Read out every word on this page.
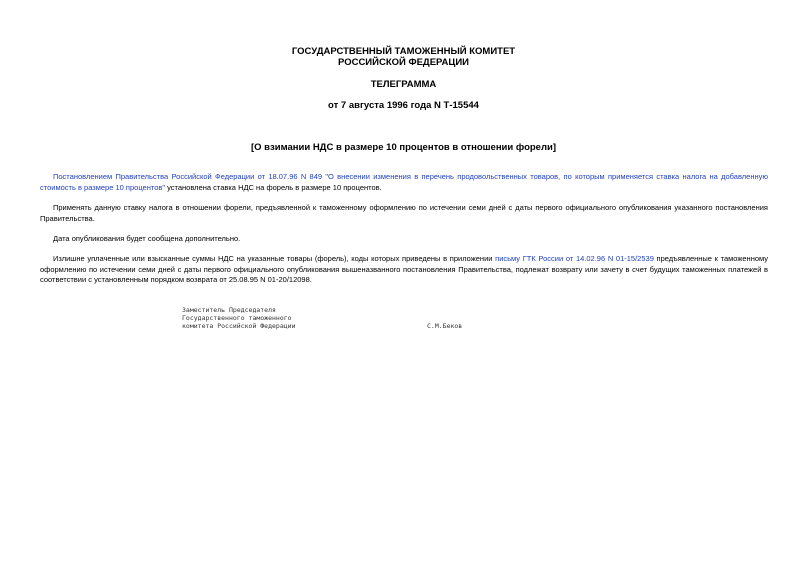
ГОСУДАРСТВЕННЫЙ ТАМОЖЕННЫЙ КОМИТЕТ
РОССИЙСКОЙ ФЕДЕРАЦИИ
ТЕЛЕГРАММА
от 7 августа 1996 года N Т-15544
[О взимании НДС в размере 10 процентов в отношении форели]
Постановлением Правительства Российской Федерации от 18.07.96 N 849 "О внесении изменения в перечень продовольственных товаров, по которым применяется ставка налога на добавленную стоимость в размере 10 процентов" установлена ставка НДС на форель в размере 10 процентов.
Применять данную ставку налога в отношении форели, предъявленной к таможенному оформлению по истечении семи дней с даты первого официального опубликования указанного постановления Правительства.
Дата опубликования будет сообщена дополнительно.
Излишне уплаченные или взысканные суммы НДС на указанные товары (форель), коды которых приведены в приложении письму ГТК России от 14.02.96 N 01-15/2539 предъявленные к таможенному оформлению по истечении семи дней с даты первого официального опубликования вышеназванного постановления Правительства, подлежат возврату или зачету в счет будущих таможенных платежей в соответствии с установленным порядком возврата от 25.08.95 N 01-20/12098.
Заместитель Председателя
Государственного таможенного
комитета Российской Федерации	С.М.Беков
